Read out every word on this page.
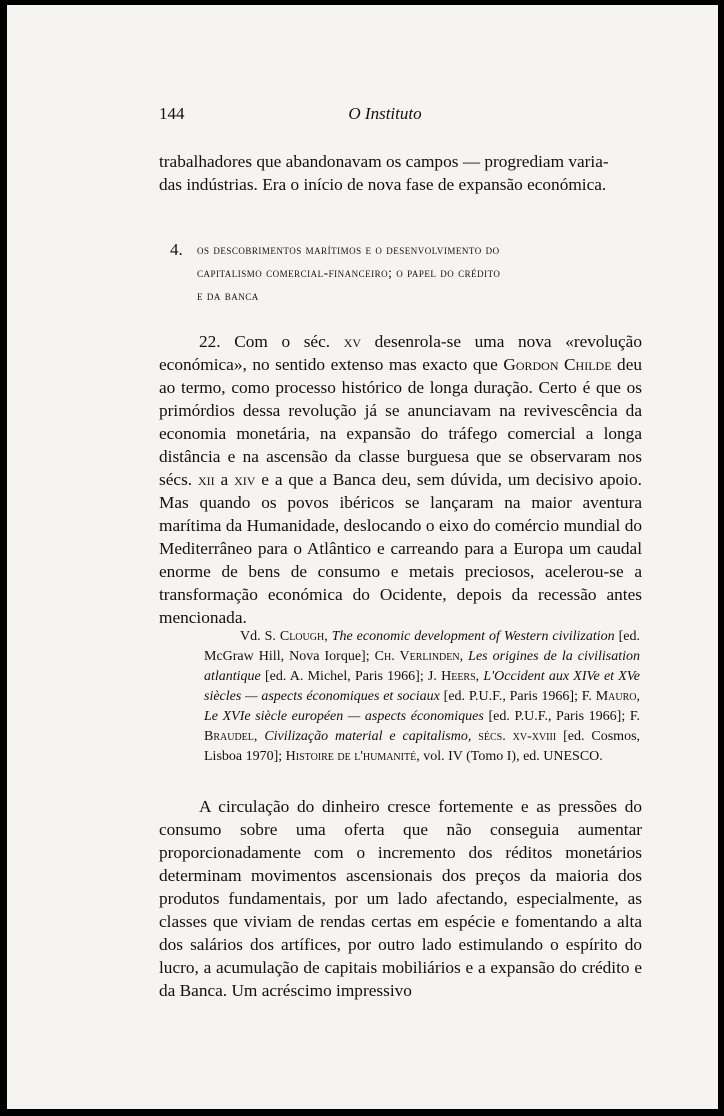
144	O Instituto
trabalhadores que abandonavam os campos — progrediam varia-
das indústrias. Era o início de nova fase de expansão económica.
4. os descobrimentos marítimos e o desenvolvimento do
capitalismo comercial-financeiro; o papel do crédito
e da banca
22. Com o séc. xv desenrola-se uma nova «revolução económica», no sentido extenso mas exacto que Gordon Childe deu ao termo, como processo histórico de longa duração. Certo é que os primórdios dessa revolução já se anunciavam na revivescência da economia monetária, na expansão do tráfego comercial a longa distância e na ascensão da classe burguesa que se observaram nos sécs. xii a xiv e a que a Banca deu, sem dúvida, um decisivo apoio. Mas quando os povos ibéricos se lançaram na maior aventura marítima da Humanidade, deslocando o eixo do comércio mundial do Mediterrâneo para o Atlântico e carreando para a Europa um caudal enorme de bens de consumo e metais preciosos, acelerou-se a transformação económica do Ocidente, depois da recessão antes mencionada.
Vd. S. Clough, The economic development of Western civilization [ed. McGraw Hill, Nova Iorque]; Ch. Verlinden, Les origines de la civilisation atlantique [ed. A. Michel, Paris 1966]; J. Heers, L'Occident aux XIVe et XVe siècles — aspects économiques et sociaux [ed. P.U.F., Paris 1966]; F. Mauro, Le XVIe siècle européen — aspects économiques [ed. P.U.F., Paris 1966]; F. Braudel, Civilização material e capitalismo, sécs. xv-xviii [ed. Cosmos, Lisboa 1970]; Histoire de l'humanité, vol. IV (Tomo I), ed. UNESCO.
A circulação do dinheiro cresce fortemente e as pressões do consumo sobre uma oferta que não conseguia aumentar proporcionadamente com o incremento dos réditos monetários determinam movimentos ascensionais dos preços da maioria dos produtos fundamentais, por um lado afectando, especialmente, as classes que viviam de rendas certas em espécie e fomentando a alta dos salários dos artífices, por outro lado estimulando o espírito do lucro, a acumulação de capitais mobiliários e a expansão do crédito e da Banca. Um acréscimo impressivo
